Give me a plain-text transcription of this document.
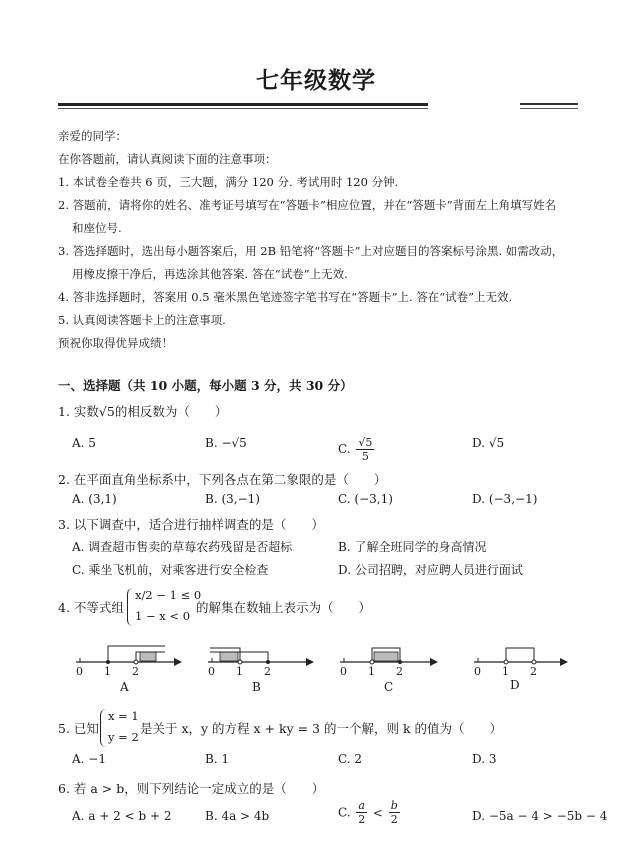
七年级数学
亲爱的同学：
在你答题前，请认真阅读下面的注意事项：
1. 本试卷全卷共 6 页，三大题，满分 120 分. 考试用时 120 分钟.
2. 答题前，请将你的姓名、准考证号填写在“答题卡”相应位置，并在“答题卡”背面左上角填写姓名
和座位号.
3. 答选择题时，选出每小题答案后，用 2B 铅笔将“答题卡”上对应题目的答案标号涂黑. 如需改动，
用橡皮擦干净后，再选涂其他答案. 答在“试卷”上无效.
4. 答非选择题时，答案用 0.5 毫米黑色笔迹签字笔书写在“答题卡”上. 答在“试卷”上无效.
5. 认真阅读答题卡上的注意事项.
预祝你取得优异成绩！
一、选择题（共 10 小题，每小题 3 分，共 30 分）
1. 实数√5的相反数为（　　）
A. 5	B. −√5	C. $\frac{√5}{5}$	D. √5
2. 在平面直角坐标系中，下列各点在第二象限的是（　　）
A. (3,1)	B. (3,−1)	C. (−3,1)	D. (−3,−1)
3. 以下调查中，适合进行抽样调查的是（　　）
A. 调查超市售卖的草莓农药残留是否超标	B. 了解全班同学的身高情况
C. 乘坐飞机前，对乘客进行安全检查	D. 公司招聘，对应聘人员进行面试
4. 不等式组
x/2 − 1 ≤ 0
1 − x < 0
的解集在数轴上表示为（　　）
0 1 2
A
0 1 2
B
0 1 2
C
0 1 2
D
5. 已知
x = 1
y = 2
是关于 x，y 的方程 x + ky = 3 的一个解，则 k 的值为（　　）
A. −1	B. 1	C. 2	D. 3
6. 若 a > b，则下列结论一定成立的是（　　）
A. a + 2 < b + 2	B. 4a > 4b	C. $\frac{a}{2} < \frac{b}{2}$	D. −5a − 4 > −5b − 4
